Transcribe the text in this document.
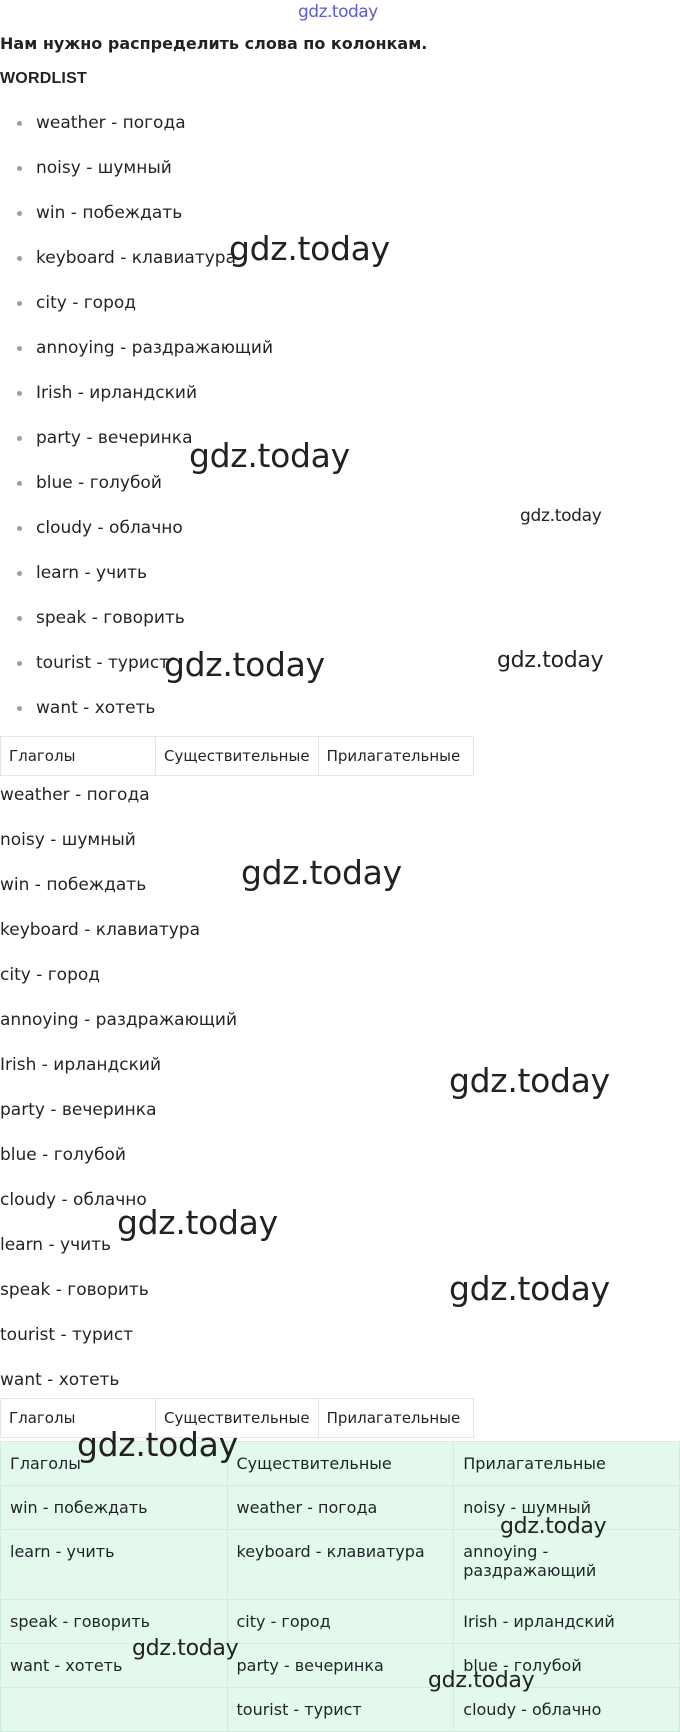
gdz.today
Нам нужно распределить слова по колонкам.
WORDLIST
weather - погода
noisy - шумный
win - побеждать
keyboard - клавиатура
city - город
annoying - раздражающий
Irish - ирландский
party - вечеринка
blue - голубой
cloudy - облачно
learn - учить
speak - говорить
tourist - турист
want - хотеть
Глаголы	Существительные	Прилагательные
weather - погода
noisy - шумный
win - побеждать
keyboard - клавиатура
city - город
annoying - раздражающий
Irish - ирландский
party - вечеринка
blue - голубой
cloudy - облачно
learn - учить
speak - говорить
tourist - турист
want - хотеть
Глаголы	Существительные	Прилагательные
Глаголы	Существительные	Прилагательные
win - побеждать	weather - погода	noisy - шумный
learn - учить	keyboard - клавиатура	annoying - раздражающий
speak - говорить	city - город	Irish - ирландский
want - хотеть	party - вечеринка	blue - голубой
	tourist - турист	cloudy - облачно
gdz.today
gdz.today
gdz.today
gdz.today	gdz.today
gdz.today
gdz.today
gdz.today
gdz.today
gdz.today
gdz.today
gdz.today
gdz.today
